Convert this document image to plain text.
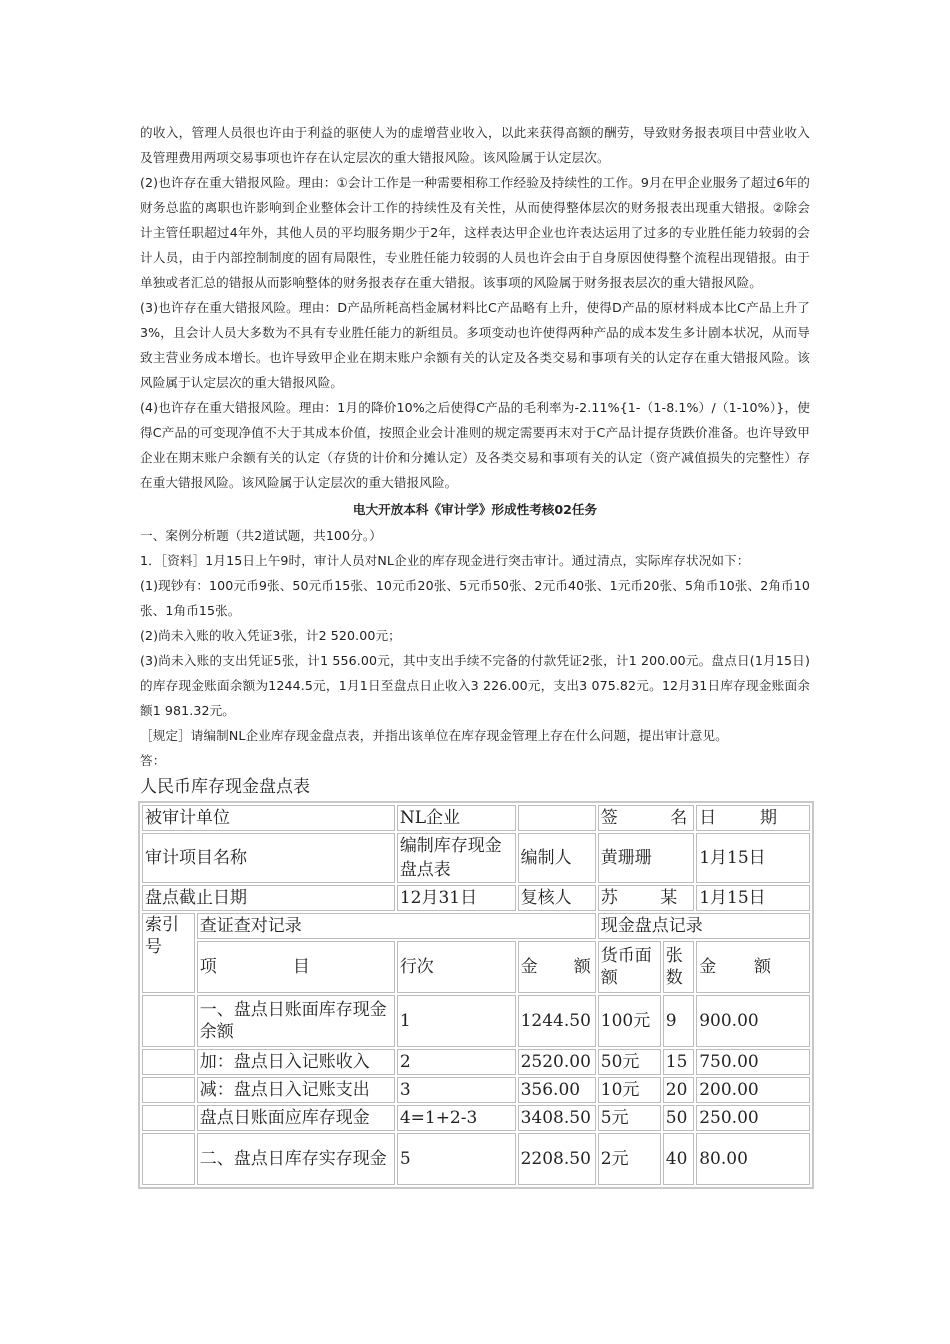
的收入，管理人员很也许由于利益的驱使人为的虚增营业收入，以此来获得高额的酬劳，导致财务报表项目中营业收入及管理费用两项交易事项也许存在认定层次的重大错报风险。该风险属于认定层次。

(2)也许存在重大错报风险。理由：①会计工作是一种需要相称工作经验及持续性的工作。9月在甲企业服务了超过6年的财务总监的离职也许影响到企业整体会计工作的持续性及有关性，从而使得整体层次的财务报表出现重大错报。②除会计主管任职超过4年外，其他人员的平均服务期少于2年，这样表达甲企业也许表达运用了过多的专业胜任能力较弱的会计人员，由于内部控制制度的固有局限性，专业胜任能力较弱的人员也许会由于自身原因使得整个流程出现错报。由于单独或者汇总的错报从而影响整体的财务报表存在重大错报。该事项的风险属于财务报表层次的重大错报风险。

(3)也许存在重大错报风险。理由：D产品所耗高档金属材料比C产品略有上升，使得D产品的原材料成本比C产品上升了3%，且会计人员大多数为不具有专业胜任能力的新组员。多项变动也许使得两种产品的成本发生多计剧本状况，从而导致主营业务成本增长。也许导致甲企业在期末账户余额有关的认定及各类交易和事项有关的认定存在重大错报风险。该风险属于认定层次的重大错报风险。

(4)也许存在重大错报风险。理由：1月的降价10%之后使得C产品的毛利率为-2.11%{1-（1-8.1%）/（1-10%）}，使得C产品的可变现净值不大于其成本价值，按照企业会计准则的规定需要再末对于C产品计提存货跌价准备。也许导致甲企业在期末账户余额有关的认定（存货的计价和分摊认定）及各类交易和事项有关的认定（资产减值损失的完整性）存在重大错报风险。该风险属于认定层次的重大错报风险。

电大开放本科《审计学》形成性考核02任务

一、案例分析题（共2道试题，共100分。）

1．［资料］1月15日上午9时，审计人员对NL企业的库存现金进行突击审计。通过清点，实际库存状况如下：

(1)现钞有：100元币9张、50元币15张、10元币20张、5元币50张、2元币40张、1元币20张、5角币10张、2角币10张、1角币15张。

(2)尚未入账的收入凭证3张，计2 520.00元；

(3)尚未入账的支出凭证5张，计1 556.00元，其中支出手续不完备的付款凭证2张，计1 200.00元。盘点日(1月15日)的库存现金账面余额为1244.5元，1月1日至盘点日止收入3 226.00元，支出3 075.82元。12月31日库存现金账面余额1 981.32元。

［规定］请编制NL企业库存现金盘点表，并指出该单位在库存现金管理上存在什么问题，提出审计意见。

答：

人民币库存现金盘点表

被审计单位		NL企业		签 名		日 期

审计项目名称		编制库存现金盘点表	编制人	黄珊珊		1月15日
盘点截止日期		12月31日	复核人	苏 某		1月15日
索引号	查证查对记录			现金盘点记录		

	项 目	行次	金 额	货币面额	张数	金 额

	一、盘点日账面库存现金余额	1	1244.50	100元	9	900.00
	加：盘点日入记账收入	2	2520.00	50元	15	750.00
	减：盘点日入记账支出	3	356.00	10元	20	200.00
	盘点日账面应库存现金	4=1+2-3	3408.50	5元	50	250.00
	二、盘点日库存实存现金	5	2208.50	2元	40	80.00
